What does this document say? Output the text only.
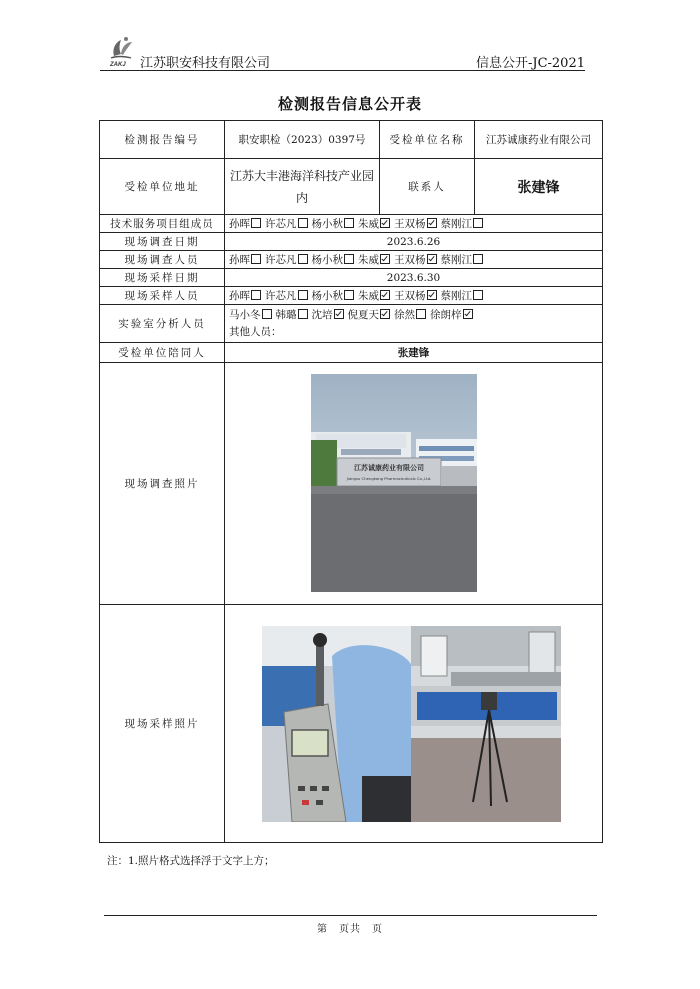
ZAKJ 江苏职安科技有限公司	信息公开-JC-2021
检测报告信息公开表
检测报告编号	职安职检（2023）0397号	受检单位名称	江苏诚康药业有限公司
受检单位地址	江苏大丰港海洋科技产业园内	联系人	张建锋
技术服务项目组成员	孙晖 许芯凡 杨小秋 朱威 王双杨 蔡刚江		
现场调查日期	2023.6.26		
现场调查人员	孙晖 许芯凡 杨小秋 朱威 王双杨 蔡刚江		
现场采样日期	2023.6.30		
现场采样人员	孙晖 许芯凡 杨小秋 朱威 王双杨 蔡刚江		
实验室分析人员	马小冬 韩璐 沈培 倪夏天 徐然 徐朗梓
其他人员：		

受检单位陪同人	张建锋		
现场调查照片	江苏诚康药业有限公司
Jiangsu Chengkang Pharmaceuticals Co.,Ltd.		

现场采样照片	
注：1.照片格式选择浮于文字上方；
第　页共　页
